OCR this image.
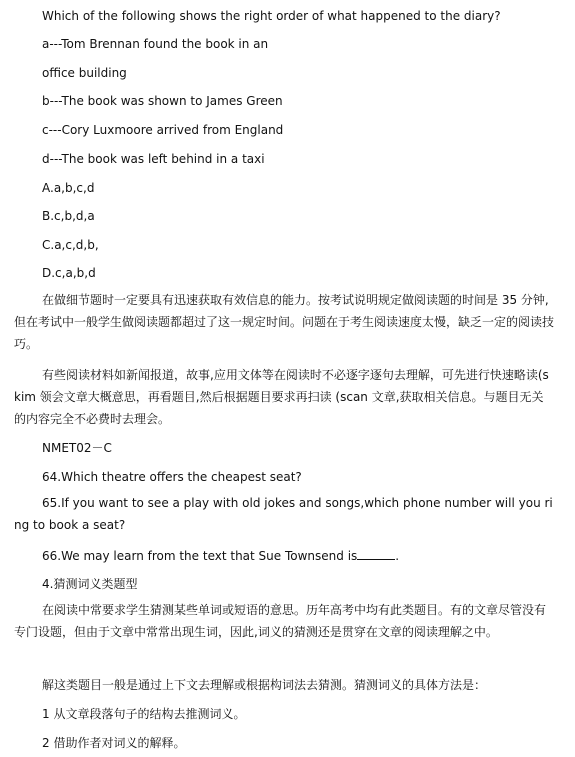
Which of the following shows the right order of what happened to the diary?
a---Tom Brennan found the book in an
office building
b---The book was shown to James Green
c---Cory Luxmoore arrived from England
d---The book was left behind in a taxi
A.a,b,c,d
B.c,b,d,a
C.a,c,d,b,
D.c,a,b,d
在做细节题时一定要具有迅速获取有效信息的能力。按考试说明规定做阅读题的时间是 35 分钟,但在考试中一般学生做阅读题都超过了这一规定时间。问题在于考生阅读速度太慢，缺乏一定的阅读技巧。
有些阅读材料如新闻报道，故事,应用文体等在阅读时不必逐字逐句去理解，可先进行快速略读(skim 领会文章大概意思，再看题目,然后根据题目要求再扫读 (scan 文章,获取相关信息。与题目无关的内容完全不必费时去理会。
NMET02－C
64.Which theatre offers the cheapest seat?
65.If you want to see a play with old jokes and songs,which phone number will you ring to book a seat?
66.We may learn from the text that Sue Townsend is	.
4.猜测词义类题型
在阅读中常要求学生猜测某些单词或短语的意思。历年高考中均有此类题目。有的文章尽管没有专门设题，但由于文章中常常出现生词，因此,词义的猜测还是贯穿在文章的阅读理解之中。
解这类题目一般是通过上下文去理解或根据构词法去猜测。猜测词义的具体方法是：
1 从文章段落句子的结构去推测词义。
2 借助作者对词义的解释。
